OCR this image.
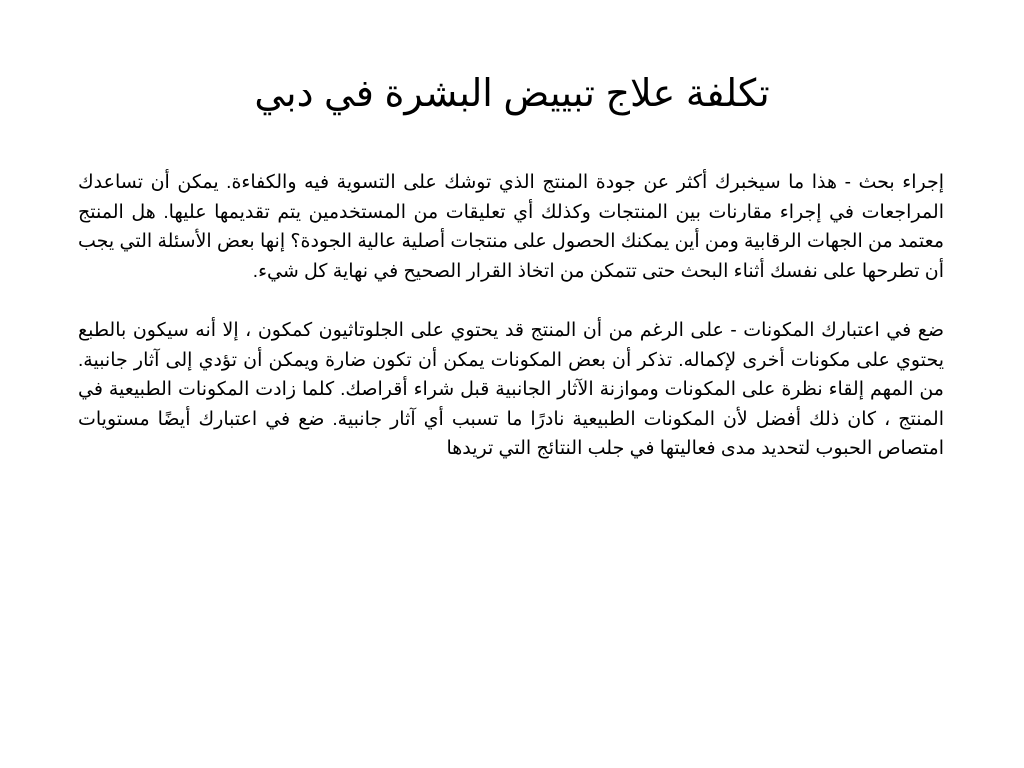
تكلفة علاج تبييض البشرة في دبي

إجراء بحث - هذا ما سيخبرك أكثر عن جودة المنتج الذي توشك على التسوية فيه والكفاءة. يمكن أن تساعدك المراجعات في إجراء مقارنات بين المنتجات وكذلك أي تعليقات من المستخدمين يتم تقديمها عليها. هل المنتج معتمد من الجهات الرقابية ومن أين يمكنك الحصول على منتجات أصلية عالية الجودة؟ إنها بعض الأسئلة التي يجب أن تطرحها على نفسك أثناء البحث حتى تتمكن من اتخاذ القرار الصحيح في نهاية كل شيء.

ضع في اعتبارك المكونات - على الرغم من أن المنتج قد يحتوي على الجلوتاثيون كمكون ، إلا أنه سيكون بالطبع يحتوي على مكونات أخرى لإكماله. تذكر أن بعض المكونات يمكن أن تكون ضارة ويمكن أن تؤدي إلى آثار جانبية. من المهم إلقاء نظرة على المكونات وموازنة الآثار الجانبية قبل شراء أقراصك. كلما زادت المكونات الطبيعية في المنتج ، كان ذلك أفضل لأن المكونات الطبيعية نادرًا ما تسبب أي آثار جانبية. ضع في اعتبارك أيضًا مستويات امتصاص الحبوب لتحديد مدى فعاليتها في جلب النتائج التي تريدها
